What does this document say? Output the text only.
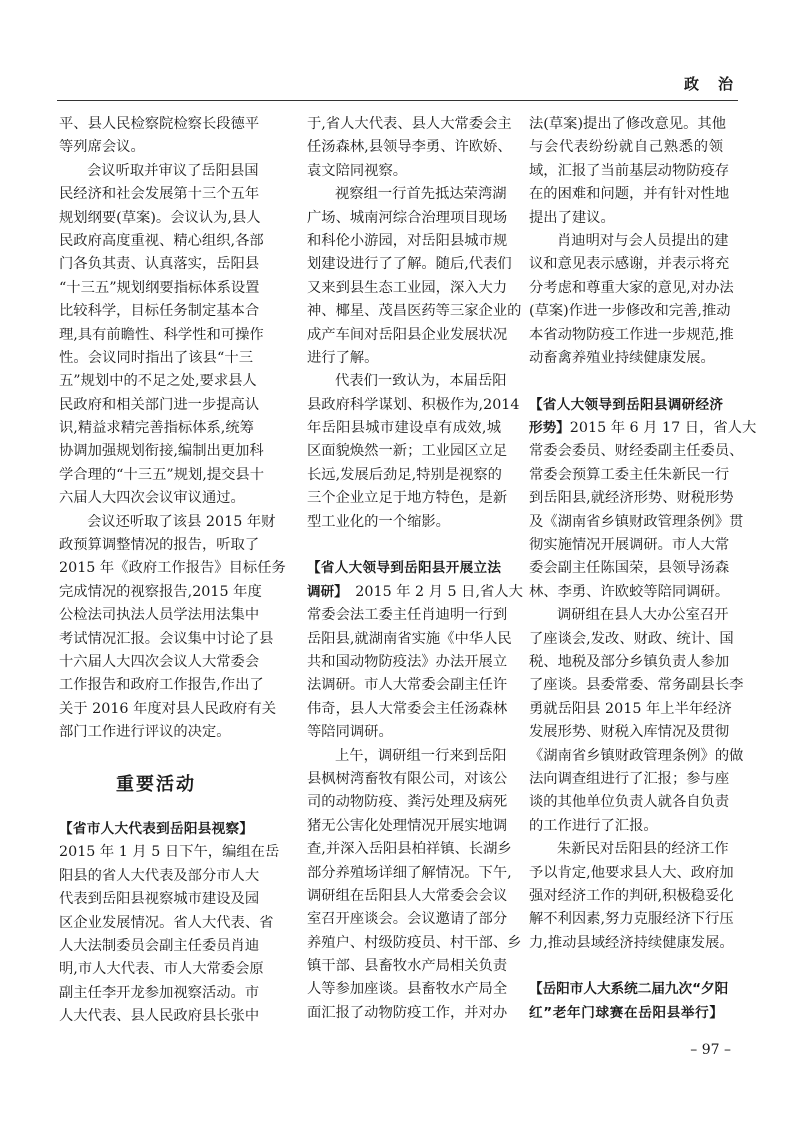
政　治
平、县人民检察院检察长段德平
等列席会议。
会议听取并审议了岳阳县国
民经济和社会发展第十三个五年
规划纲要(草案)。会议认为,县人
民政府高度重视、精心组织,各部
门各负其责、认真落实，岳阳县
“十三五”规划纲要指标体系设置
比较科学，目标任务制定基本合
理,具有前瞻性、科学性和可操作
性。会议同时指出了该县“十三
五”规划中的不足之处,要求县人
民政府和相关部门进一步提高认
识,精益求精完善指标体系,统筹
协调加强规划衔接,编制出更加科
学合理的“十三五”规划,提交县十
六届人大四次会议审议通过。
会议还听取了该县 2015 年财
政预算调整情况的报告，听取了
2015 年《政府工作报告》目标任务
完成情况的视察报告,2015 年度
公检法司执法人员学法用法集中
考试情况汇报。会议集中讨论了县
十六届人大四次会议人大常委会
工作报告和政府工作报告,作出了
关于 2016 年度对县人民政府有关
部门工作进行评议的决定。
重要活动
【省市人大代表到岳阳县视察】
2015 年 1 月 5 日下午，编组在岳
阳县的省人大代表及部分市人大
代表到岳阳县视察城市建设及园
区企业发展情况。省人大代表、省
人大法制委员会副主任委员肖迪
明,市人大代表、市人大常委会原
副主任李开龙参加视察活动。市
人大代表、县人民政府县长张中
于,省人大代表、县人大常委会主
任汤森林,县领导李勇、许欧娇、
袁文陪同视察。
视察组一行首先抵达荣湾湖
广场、城南河综合治理项目现场
和科伦小游园，对岳阳县城市规
划建设进行了了解。随后,代表们
又来到县生态工业园，深入大力
神、椰星、茂昌医药等三家企业的
成产车间对岳阳县企业发展状况
进行了解。
代表们一致认为，本届岳阳
县政府科学谋划、积极作为,2014
年岳阳县城市建设卓有成效,城
区面貌焕然一新；工业园区立足
长远,发展后劲足,特别是视察的
三个企业立足于地方特色，是新
型工业化的一个缩影。
【省人大领导到岳阳县开展立法
调研】　2015 年 2 月 5 日,省人大
常委会法工委主任肖迪明一行到
岳阳县,就湖南省实施《中华人民
共和国动物防疫法》办法开展立
法调研。市人大常委会副主任许
伟奇，县人大常委会主任汤森林
等陪同调研。
上午，调研组一行来到岳阳
县枫树湾畜牧有限公司，对该公
司的动物防疫、粪污处理及病死
猪无公害化处理情况开展实地调
查,并深入岳阳县柏祥镇、长湖乡
部分养殖场详细了解情况。下午,
调研组在岳阳县人大常委会会议
室召开座谈会。会议邀请了部分
养殖户、村级防疫员、村干部、乡
镇干部、县畜牧水产局相关负责
人等参加座谈。县畜牧水产局全
面汇报了动物防疫工作，并对办
法(草案)提出了修改意见。其他
与会代表纷纷就自己熟悉的领
域，汇报了当前基层动物防疫存
在的困难和问题，并有针对性地
提出了建议。
肖迪明对与会人员提出的建
议和意见表示感谢，并表示将充
分考虑和尊重大家的意见,对办法
(草案)作进一步修改和完善,推动
本省动物防疫工作进一步规范,推
动畜禽养殖业持续健康发展。
【省人大领导到岳阳县调研经济
形势】2015 年 6 月 17 日，省人大
常委会委员、财经委副主任委员、
常委会预算工委主任朱新民一行
到岳阳县,就经济形势、财税形势
及《湖南省乡镇财政管理条例》贯
彻实施情况开展调研。市人大常
委会副主任陈国荣，县领导汤森
林、李勇、许欧蛟等陪同调研。
调研组在县人大办公室召开
了座谈会,发改、财政、统计、国
税、地税及部分乡镇负责人参加
了座谈。县委常委、常务副县长李
勇就岳阳县 2015 年上半年经济
发展形势、财税入库情况及贯彻
《湖南省乡镇财政管理条例》的做
法向调查组进行了汇报；参与座
谈的其他单位负责人就各自负责
的工作进行了汇报。
朱新民对岳阳县的经济工作
予以肯定,他要求县人大、政府加
强对经济工作的判研,积极稳妥化
解不利因素,努力克服经济下行压
力,推动县域经济持续健康发展。
【岳阳市人大系统二届九次“夕阳
红”老年门球赛在岳阳县举行】
– 97 –
